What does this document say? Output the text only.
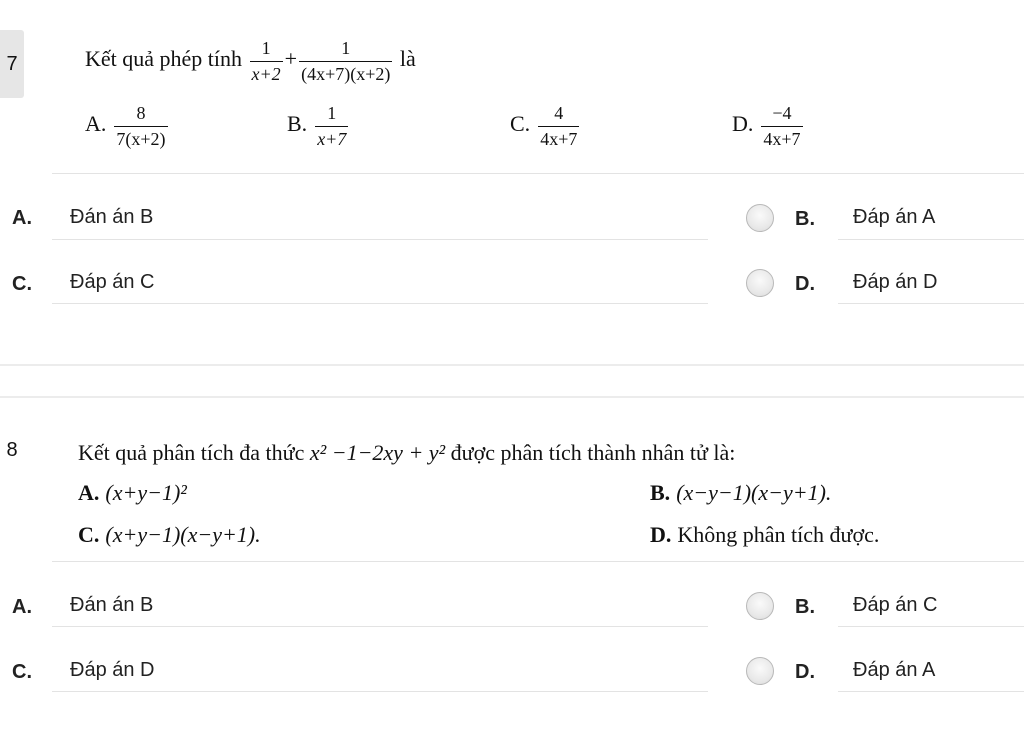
7	Kết quả phép tính $\frac{1}{x+2} + \frac{1}{(4x+7)(x+2)}$ là
A. $\frac{8}{7(x+2)}$	B. $\frac{1}{x+7}$	C. $\frac{4}{4x+7}$	D. $\frac{-4}{4x+7}$
A. Đán án B	B. Đáp án A
C. Đáp án C	D. Đáp án D
8	Kết quả phân tích đa thức x² −1−2xy + y² được phân tích thành nhân tử là:
A. (x+y−1)²	B. (x−y−1)(x−y+1).
C. (x+y−1)(x−y+1).	D. Không phân tích được.
A. Đán án B	B. Đáp án C
C. Đáp án D	D. Đáp án A
